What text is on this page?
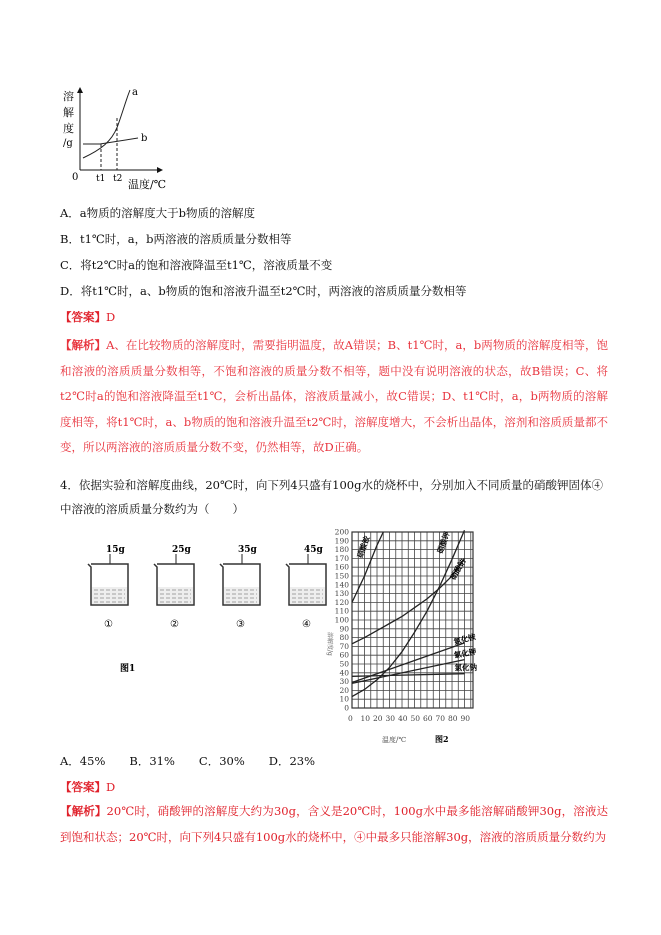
溶
解
度
/g
0 t1 t2 温度/℃
a
b
A．a物质的溶解度大于b物质的溶解度
B．t1℃时，a，b两溶液的溶质质量分数相等
C．将t2℃时a的饱和溶液降温至t1℃，溶液质量不变
D．将t1℃时，a、b物质的饱和溶液升温至t2℃时，两溶液的溶质质量分数相等
【答案】D
【解析】A、在比较物质的溶解度时，需要指明温度，故A错误；B、t1℃时，a，b两物质的溶解度相等，饱和溶液的溶质质量分数相等，不饱和溶液的质量分数不相等，题中没有说明溶液的状态，故B错误；C、将t2℃时a的饱和溶液降温至t1℃，会析出晶体，溶液质量减小，故C错误；D、t1℃时，a，b两物质的溶解度相等，将t1℃时，a、b物质的饱和溶液升温至t2℃时，溶解度增大，不会析出晶体，溶剂和溶质质量都不变，所以两溶液的溶质质量分数不变，仍然相等，故D正确。
4．依据实验和溶解度曲线，20℃时，向下列4只盛有100g水的烧杯中，分别加入不同质量的硝酸钾固体④
中溶液的溶质质量分数约为（　　）
15g
①
25g
②
35g
③
45g
④
图1
0 10 20 30 40 50 60 70 80 90
0
10
20
30
40
50
60
70
80
90
100
110
120
130
140
150
160
170
180
190
200
硝酸铵	硝酸钾
硝酸钠
氯化铵
氯化钾
氯化钠
温度/℃	图2
溶解度/g
A．45% B．31% C．30% D．23%
【答案】D
【解析】20℃时，硝酸钾的溶解度大约为30g，含义是20℃时，100g水中最多能溶解硝酸钾30g，溶液达到饱和状态；20℃时，向下列4只盛有100g水的烧杯中，④中最多只能溶解30g，溶液的溶质质量分数约为
